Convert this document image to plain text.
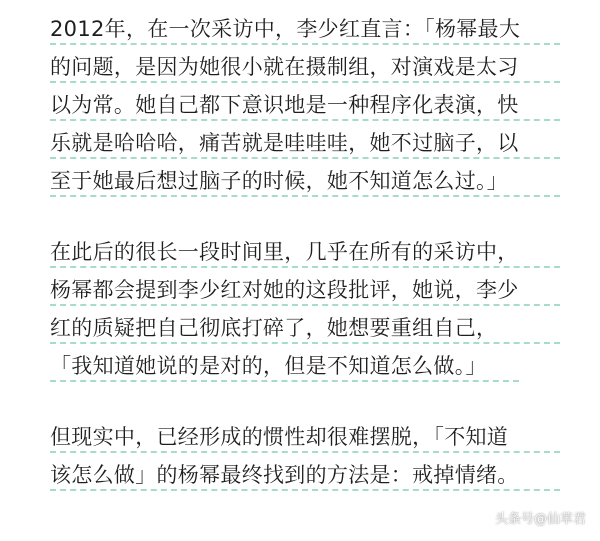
2012年，在一次采访中，李少红直言：「杨幂最大
的问题，是因为她很小就在摄制组，对演戏是太习
以为常。她自己都下意识地是一种程序化表演，快
乐就是哈哈哈，痛苦就是哇哇哇，她不过脑子，以
至于她最后想过脑子的时候，她不知道怎么过。」
在此后的很长一段时间里，几乎在所有的采访中，
杨幂都会提到李少红对她的这段批评，她说，李少
红的质疑把自己彻底打碎了，她想要重组自己，
「我知道她说的是对的，但是不知道怎么做。」
但现实中，已经形成的惯性却很难摆脱，「不知道
该怎么做」的杨幂最终找到的方法是：戒掉情绪。
头条号@仙草君
